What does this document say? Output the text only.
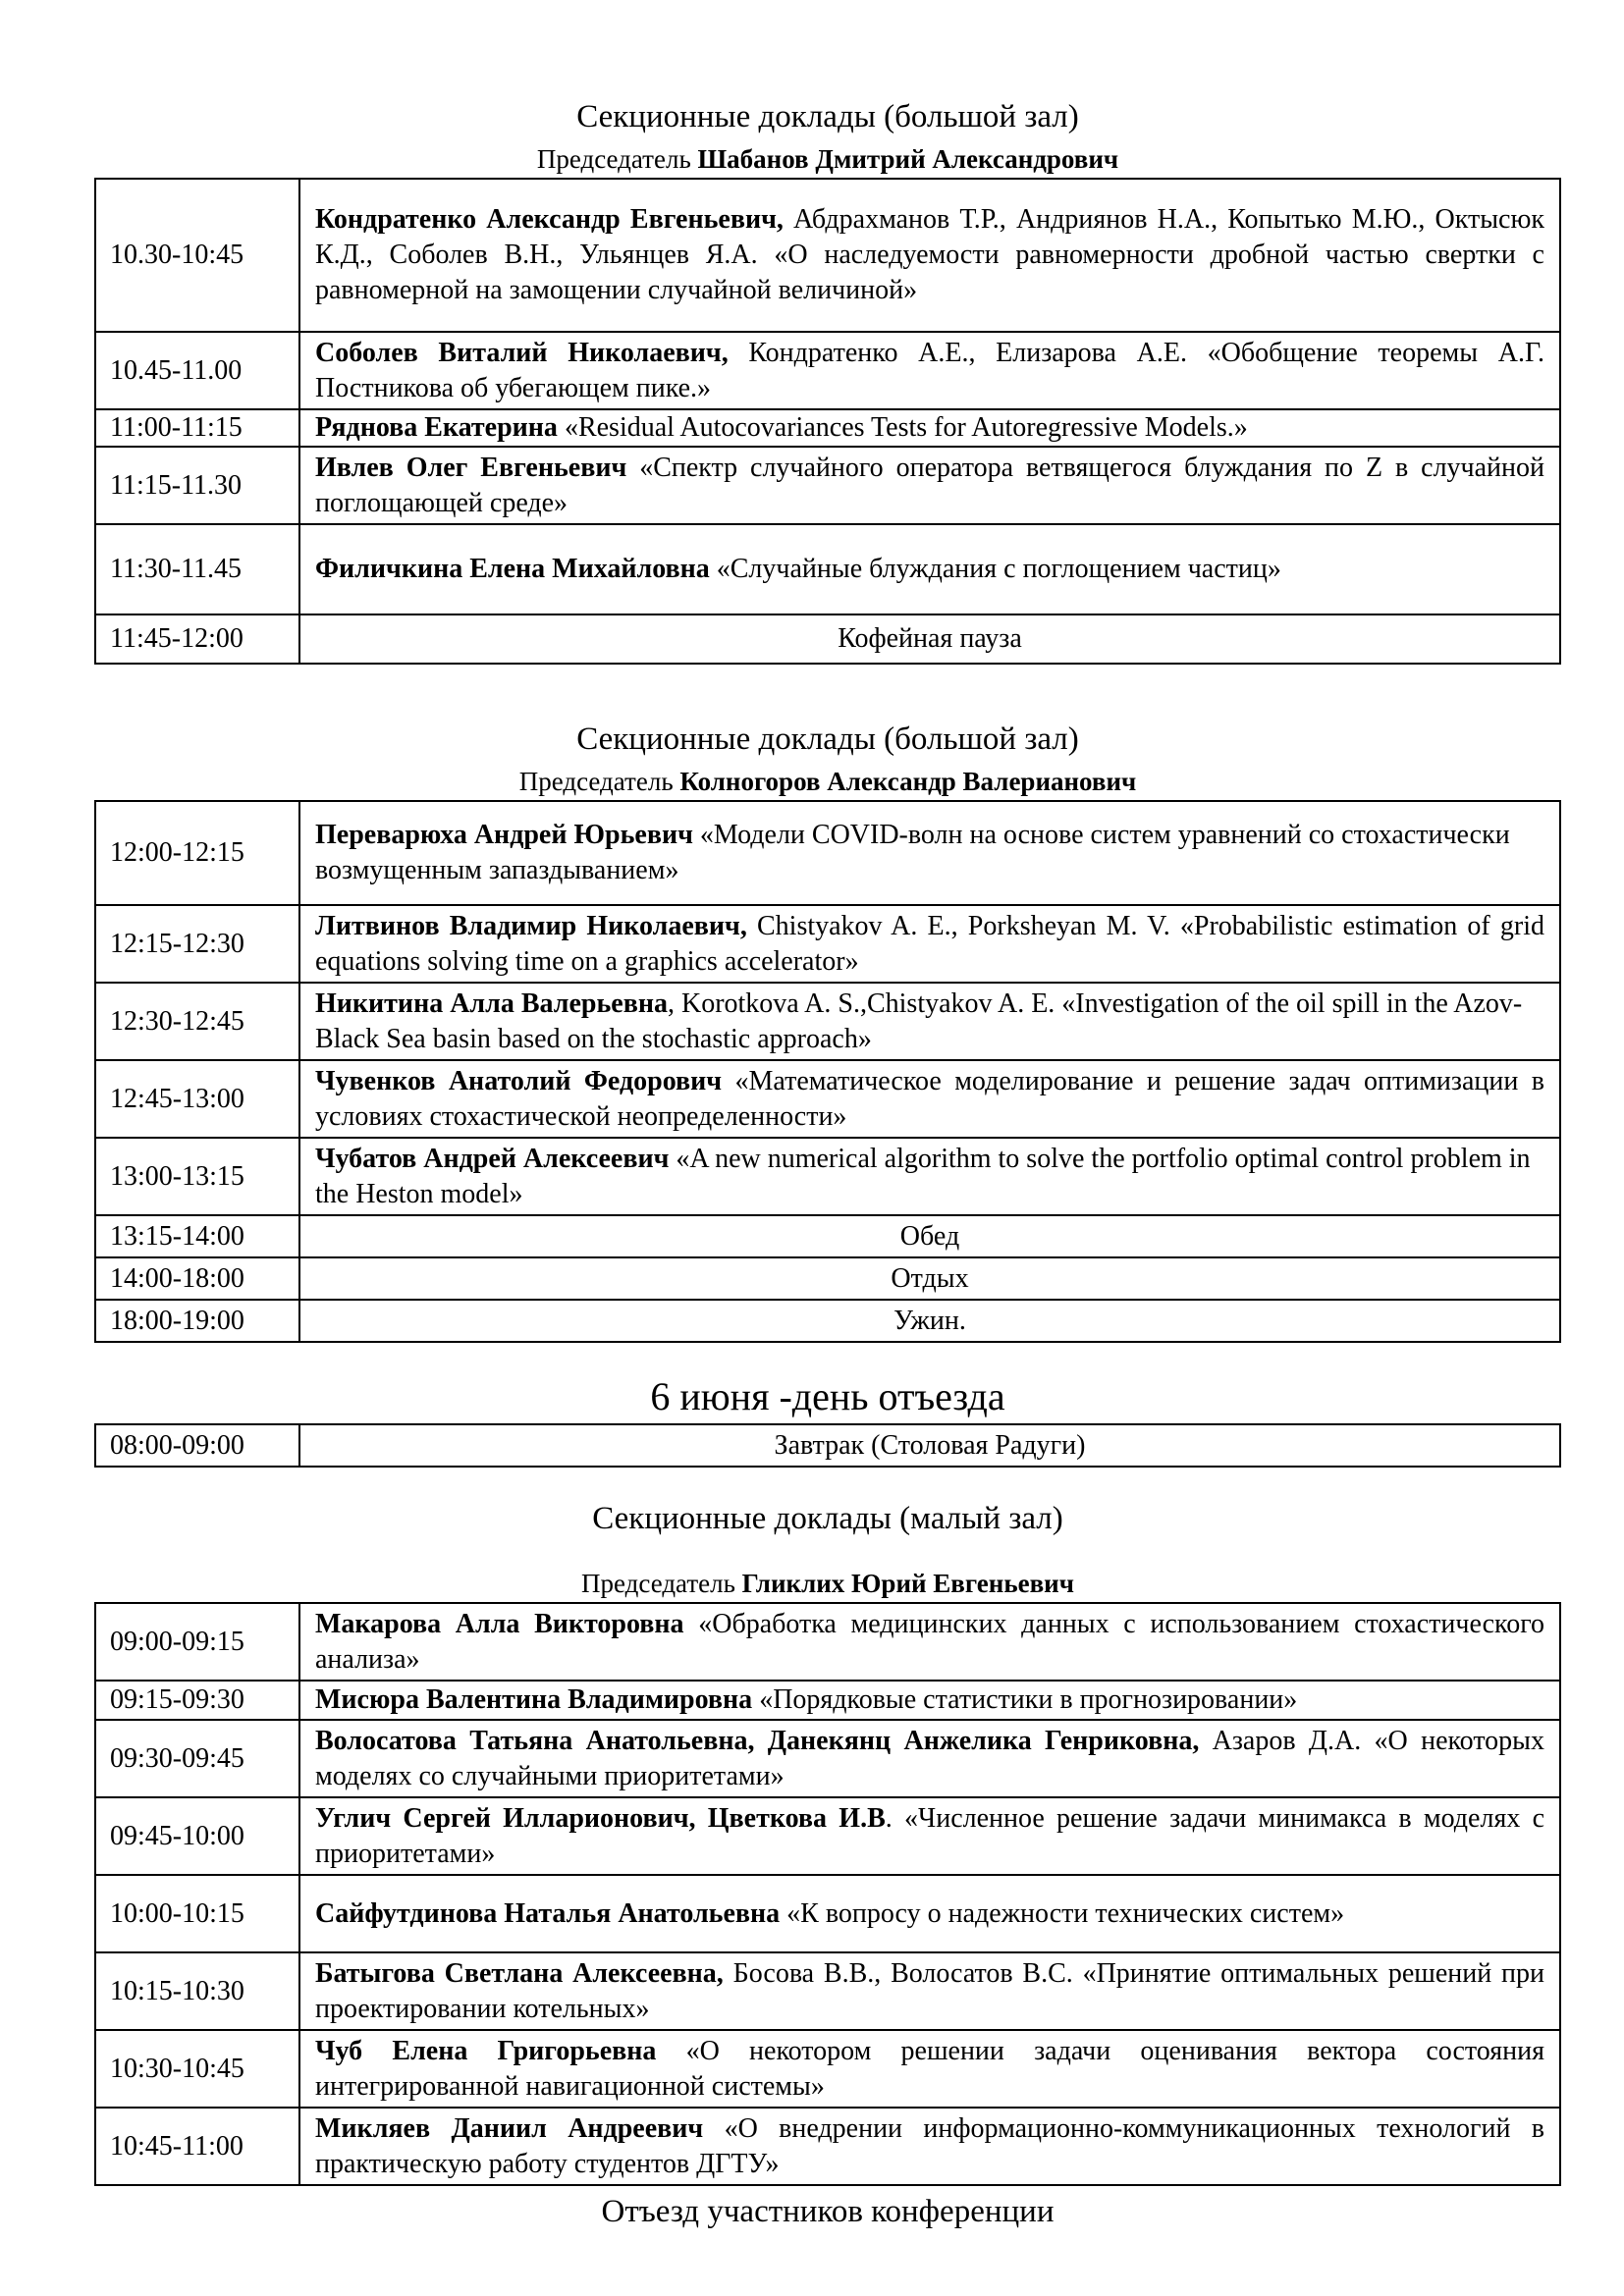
Секционные доклады (большой зал)
Председатель Шабанов Дмитрий Александрович
10.30-10:45	Кондратенко Александр Евгеньевич, Абдрахманов Т.Р., Андриянов Н.А., Копытько М.Ю., Октысюк К.Д., Соболев В.Н., Ульянцев Я.А. «О наследуемости равномерности дробной частью свертки с равномерной на замощении случайной величиной»
10.45-11.00	Соболев Виталий Николаевич, Кондратенко А.Е., Елизарова А.Е. «Обобщение теоремы А.Г. Постникова об убегающем пике.»
11:00-11:15	Ряднова Екатерина «Residual Autocovariances Tests for Autoregressive Models.»
11:15-11.30	Ивлев Олег Евгеньевич «Спектр случайного оператора ветвящегося блуждания по Z в случайной поглощающей среде»
11:30-11.45	Филичкина Елена Михайловна «Случайные блуждания с поглощением частиц»
11:45-12:00	Кофейная пауза
Секционные доклады (большой зал)
Председатель Колногоров Александр Валерианович
12:00-12:15	Переварюха Андрей Юрьевич «Модели COVID-волн на основе систем уравнений со стохастически возмущенным запаздыванием»
12:15-12:30	Литвинов Владимир Николаевич, Chistyakov A. E., Porksheyan M. V. «Probabilistic estimation of grid equations solving time on a graphics accelerator»
12:30-12:45	Никитина Алла Валерьевна, Korotkova A. S.,Chistyakov A. E. «Investigation of the oil spill in the Azov-Black Sea basin based on the stochastic approach»
12:45-13:00	Чувенков Анатолий Федорович «Математическое моделирование и решение задач оптимизации в условиях стохастической неопределенности»
13:00-13:15	Чубатов Андрей Алексеевич «A new numerical algorithm to solve the portfolio optimal control problem in the Heston model»
13:15-14:00	Обед
14:00-18:00	Отдых
18:00-19:00	Ужин.
6 июня -день отъезда
08:00-09:00	Завтрак (Столовая Радуги)
Секционные доклады (малый зал)
Председатель Гликлих Юрий Евгеньевич
09:00-09:15	Макарова Алла Викторовна «Обработка медицинских данных с использованием стохастического анализа»
09:15-09:30	Мисюра Валентина Владимировна «Порядковые статистики в прогнозировании»
09:30-09:45	Волосатова Татьяна Анатольевна, Данекянц Анжелика Генриковна, Азаров Д.А. «О некоторых моделях со случайными приоритетами»
09:45-10:00	Углич Сергей Илларионович, Цветкова И.В. «Численное решение задачи минимакса в моделях с приоритетами»
10:00-10:15	Сайфутдинова Наталья Анатольевна «К вопросу о надежности технических систем»
10:15-10:30	Батыгова Светлана Алексеевна, Босова В.В., Волосатов В.С. «Принятие оптимальных решений при проектировании котельных»
10:30-10:45	Чуб Елена Григорьевна «О некотором решении задачи оценивания вектора состояния интегрированной навигационной системы»
10:45-11:00	Микляев Даниил Андреевич «О внедрении информационно-коммуникационных технологий в практическую работу студентов ДГТУ»
Отъезд участников конференции
